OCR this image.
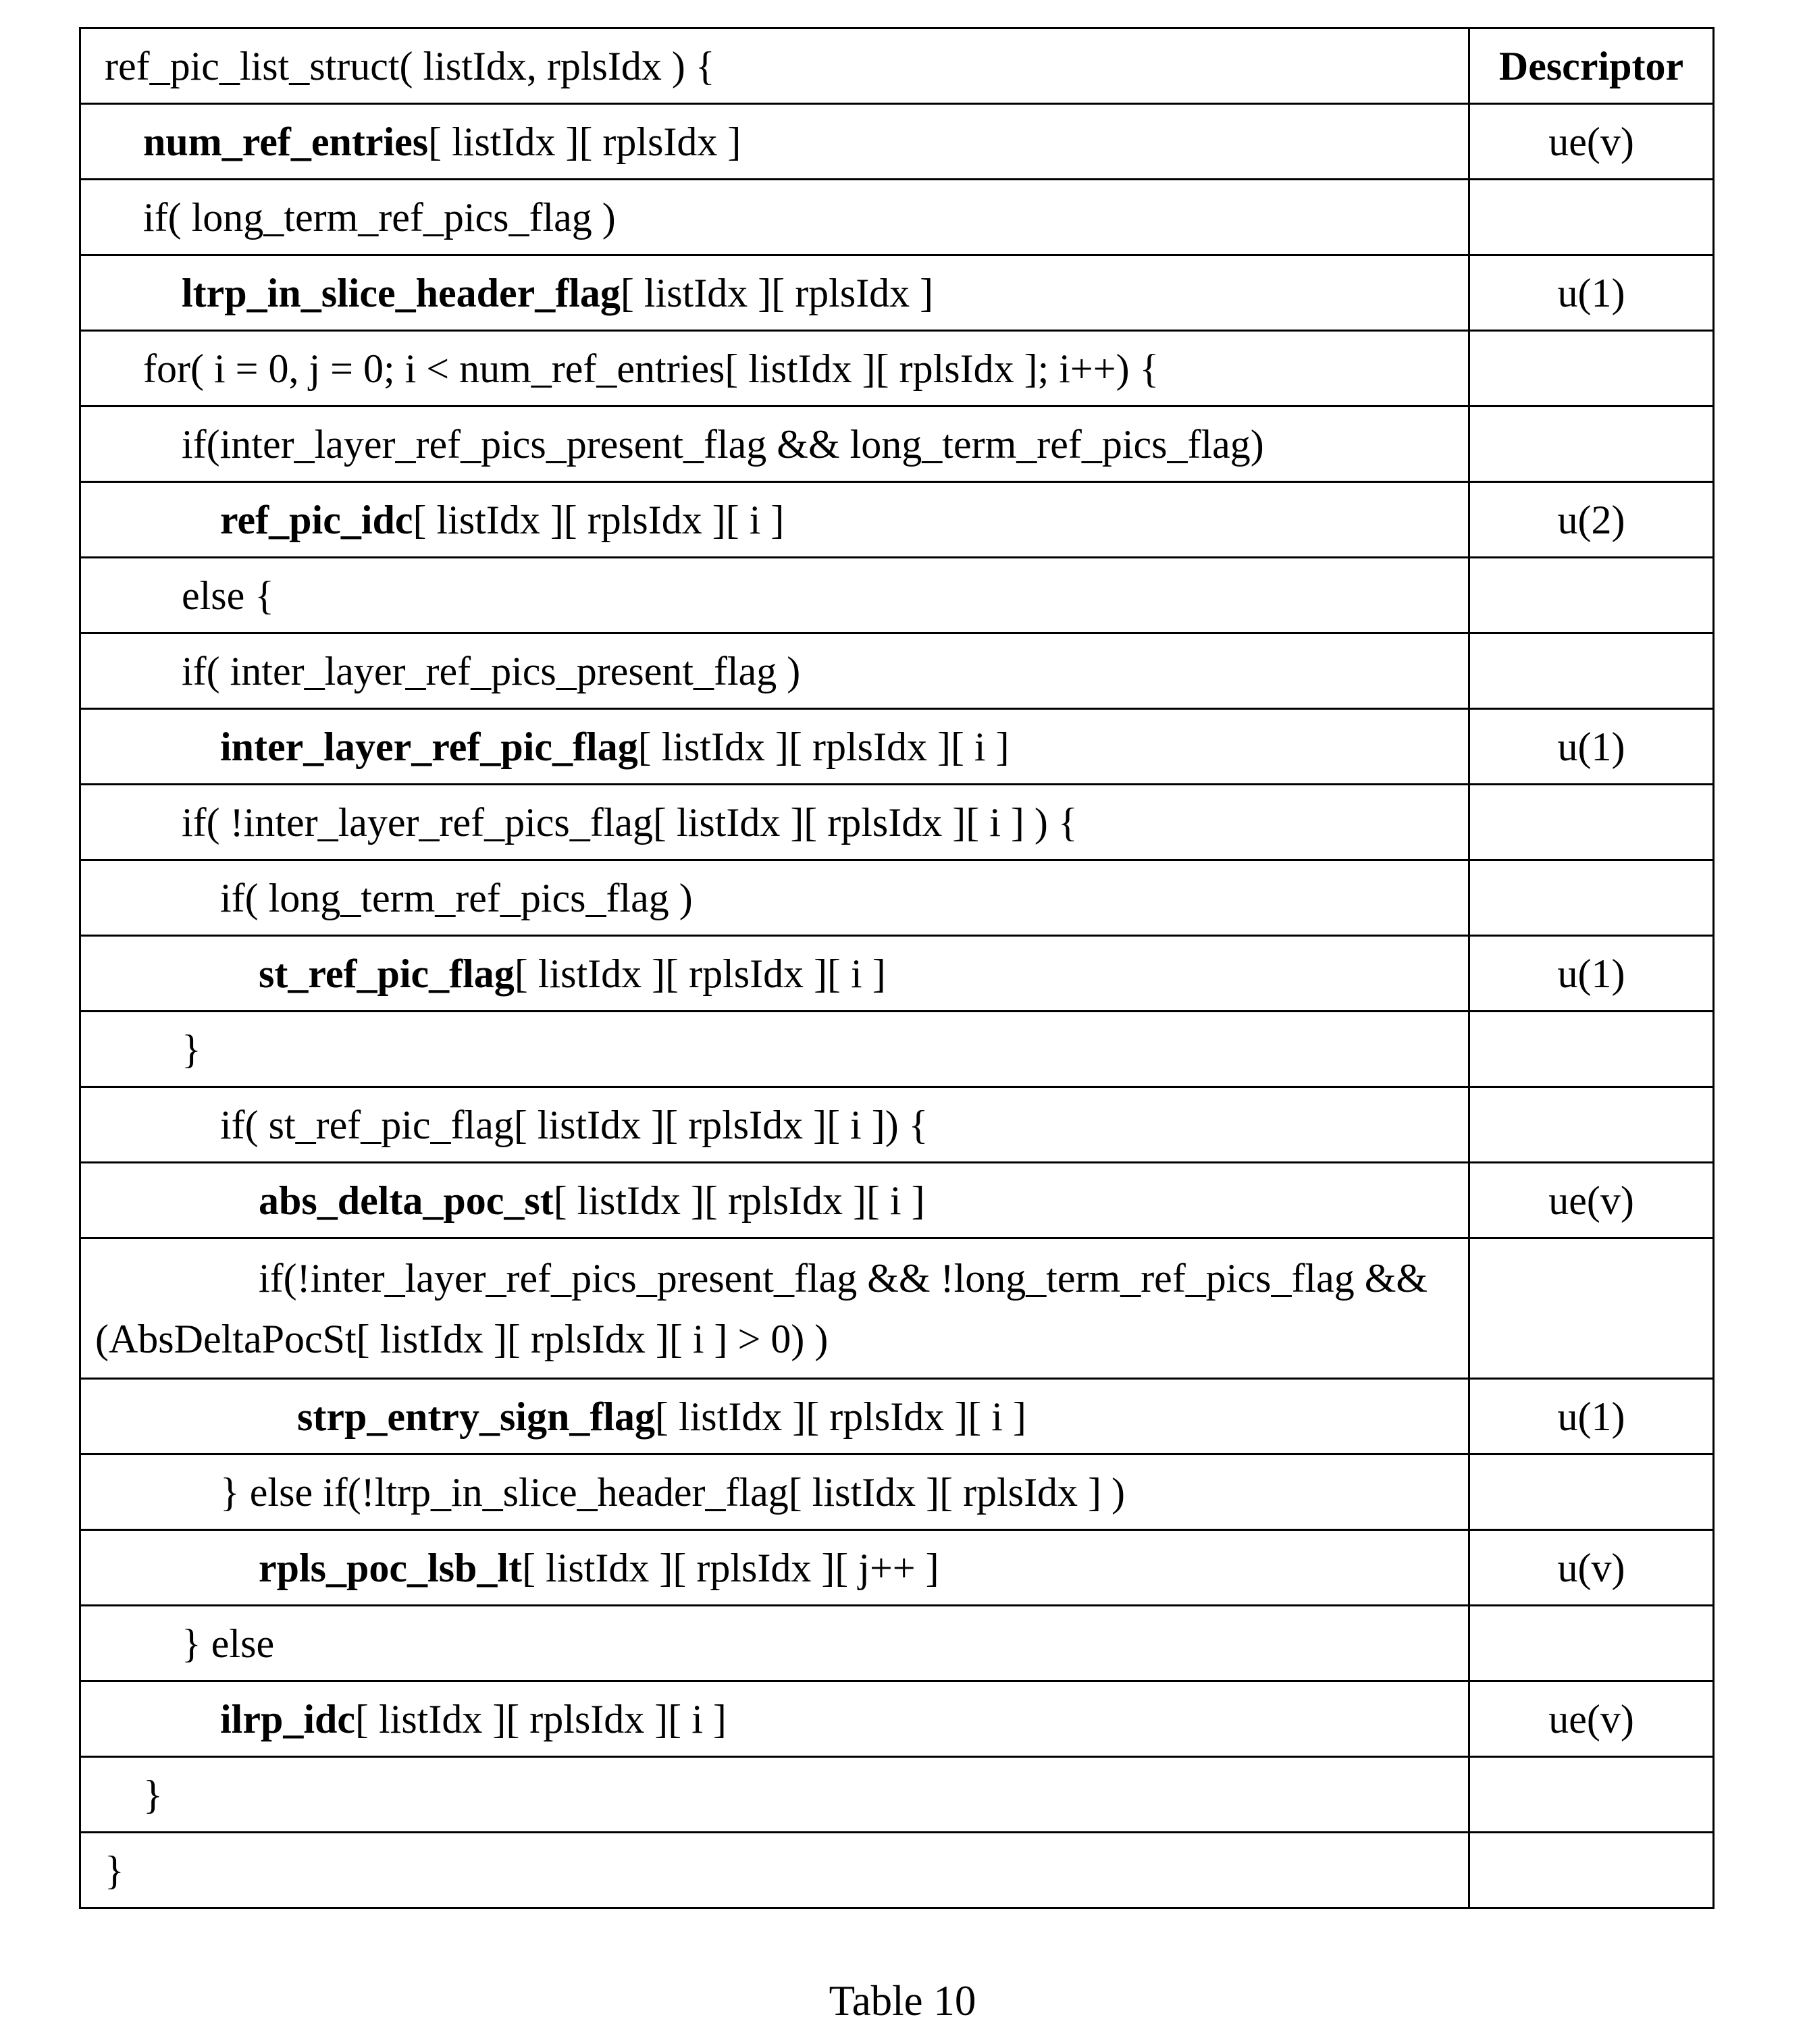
ref_pic_list_struct( listIdx, rplsIdx ) {	Descriptor
num_ref_entries[ listIdx ][ rplsIdx ]	ue(v)
if( long_term_ref_pics_flag )	
ltrp_in_slice_header_flag[ listIdx ][ rplsIdx ]	u(1)
for( i = 0, j = 0; i < num_ref_entries[ listIdx ][ rplsIdx ]; i++) {	
if(inter_layer_ref_pics_present_flag && long_term_ref_pics_flag)	
ref_pic_idc[ listIdx ][ rplsIdx ][ i ]	u(2)
else {	
if( inter_layer_ref_pics_present_flag )	
inter_layer_ref_pic_flag[ listIdx ][ rplsIdx ][ i ]	u(1)
if( !inter_layer_ref_pics_flag[ listIdx ][ rplsIdx ][ i ] ) {	
if( long_term_ref_pics_flag )	
st_ref_pic_flag[ listIdx ][ rplsIdx ][ i ]	u(1)
}	
if( st_ref_pic_flag[ listIdx ][ rplsIdx ][ i ]) {	
abs_delta_poc_st[ listIdx ][ rplsIdx ][ i ]	ue(v)

if(!inter_layer_ref_pics_present_flag && !long_term_ref_pics_flag &&
(AbsDeltaPocSt[ listIdx ][ rplsIdx ][ i ] > 0) )	

strp_entry_sign_flag[ listIdx ][ rplsIdx ][ i ]	u(1)
} else if(!ltrp_in_slice_header_flag[ listIdx ][ rplsIdx ] )	
rpls_poc_lsb_lt[ listIdx ][ rplsIdx ][ j++ ]	u(v)
} else	
ilrp_idc[ listIdx ][ rplsIdx ][ i ]	ue(v)
}	
}	
Table 10
